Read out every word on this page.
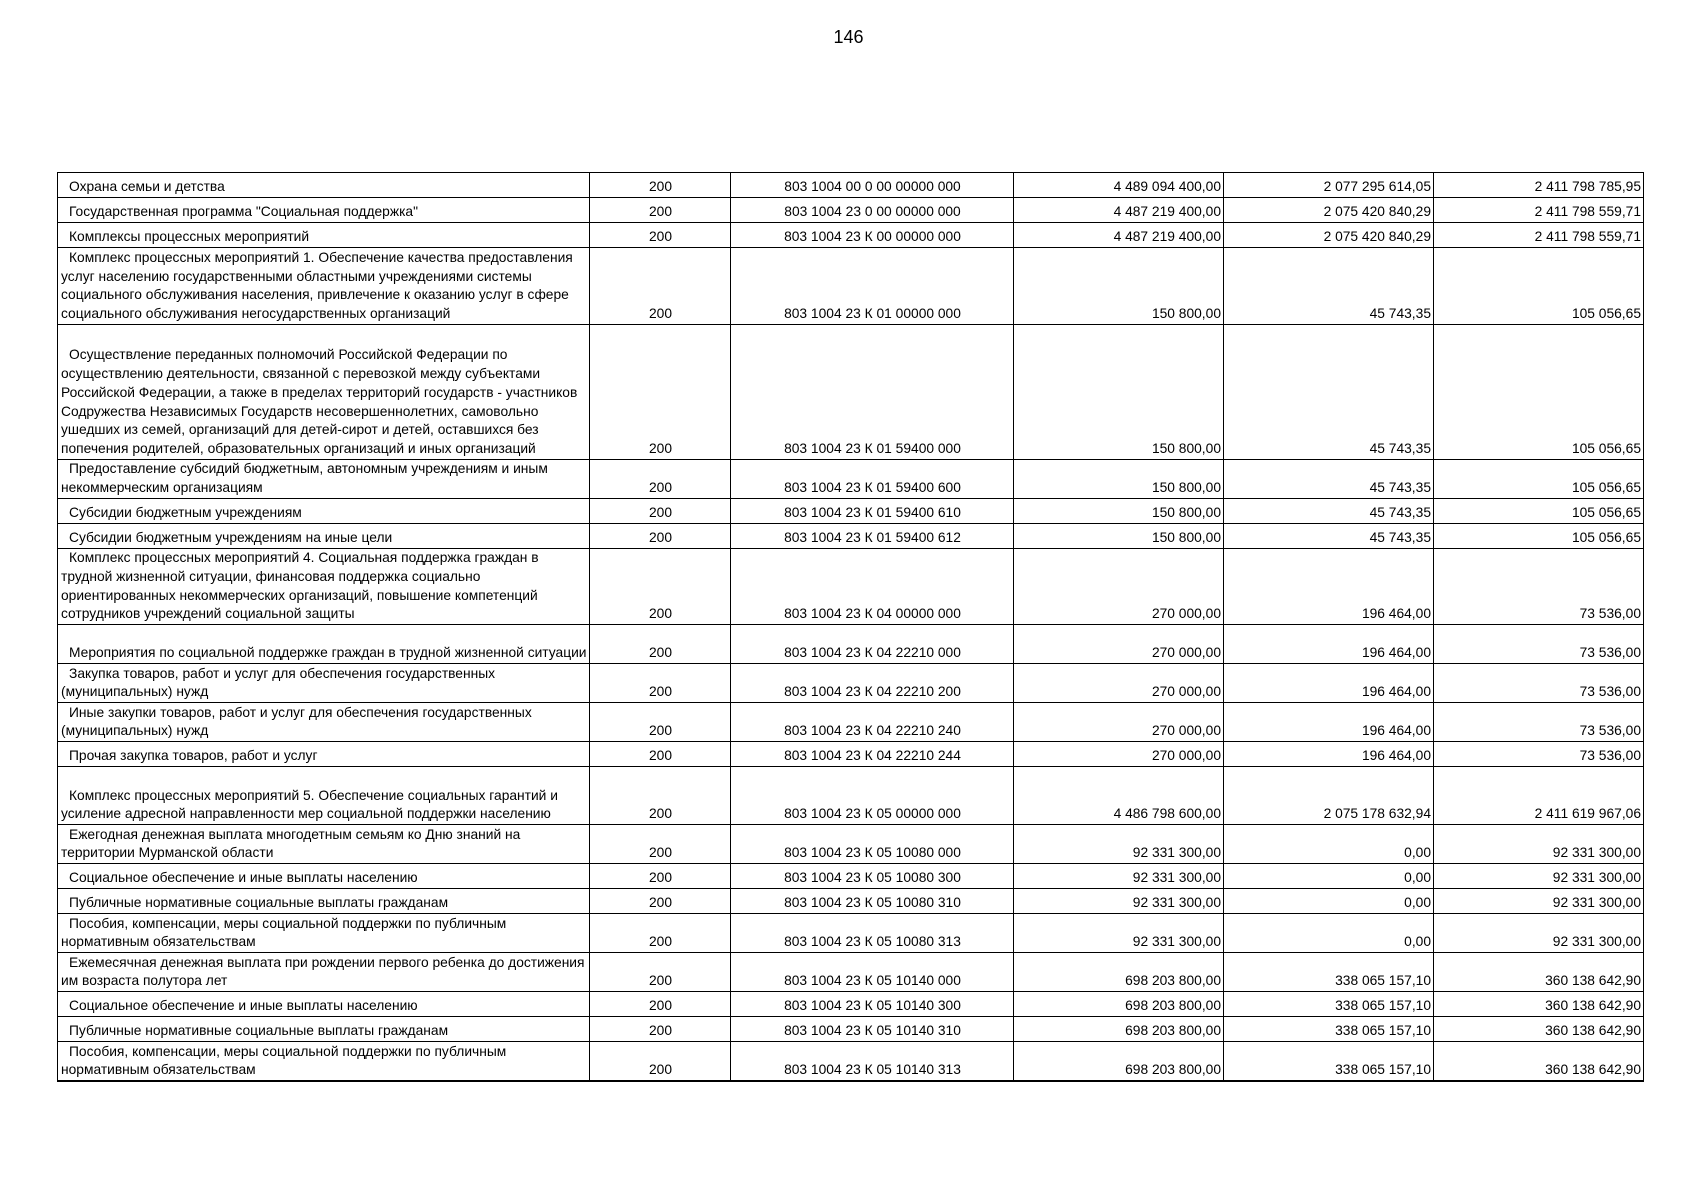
146
Охрана семьи и детства	200	803 1004 00 0 00 00000 000	4 489 094 400,00	2 077 295 614,05	2 411 798 785,95
Государственная программа "Социальная поддержка"	200	803 1004 23 0 00 00000 000	4 487 219 400,00	2 075 420 840,29	2 411 798 559,71
Комплексы процессных мероприятий	200	803 1004 23 К 00 00000 000	4 487 219 400,00	2 075 420 840,29	2 411 798 559,71
Комплекс процессных мероприятий 1. Обеспечение качества предоставления услуг населению государственными областными учреждениями системы социального обслуживания населения, привлечение к оказанию услуг в сфере социального обслуживания негосударственных организаций	200	803 1004 23 К 01 00000 000	150 800,00	45 743,35	105 056,65
Осуществление переданных полномочий Российской Федерации по осуществлению деятельности, связанной с перевозкой между субъектами Российской Федерации, а также в пределах территорий государств - участников Содружества Независимых Государств несовершеннолетних, самовольно ушедших из семей, организаций для детей-сирот и детей, оставшихся без попечения родителей, образовательных организаций и иных организаций	200	803 1004 23 К 01 59400 000	150 800,00	45 743,35	105 056,65
Предоставление субсидий бюджетным, автономным учреждениям и иным некоммерческим организациям	200	803 1004 23 К 01 59400 600	150 800,00	45 743,35	105 056,65
Субсидии бюджетным учреждениям	200	803 1004 23 К 01 59400 610	150 800,00	45 743,35	105 056,65
Субсидии бюджетным учреждениям на иные цели	200	803 1004 23 К 01 59400 612	150 800,00	45 743,35	105 056,65
Комплекс процессных мероприятий 4. Социальная поддержка граждан в трудной жизненной ситуации, финансовая поддержка социально ориентированных некоммерческих организаций, повышение компетенций сотрудников учреждений социальной защиты	200	803 1004 23 К 04 00000 000	270 000,00	196 464,00	73 536,00
Мероприятия по социальной поддержке граждан в трудной жизненной ситуации	200	803 1004 23 К 04 22210 000	270 000,00	196 464,00	73 536,00
Закупка товаров, работ и услуг для обеспечения государственных (муниципальных) нужд	200	803 1004 23 К 04 22210 200	270 000,00	196 464,00	73 536,00
Иные закупки товаров, работ и услуг для обеспечения государственных (муниципальных) нужд	200	803 1004 23 К 04 22210 240	270 000,00	196 464,00	73 536,00
Прочая закупка товаров, работ и услуг	200	803 1004 23 К 04 22210 244	270 000,00	196 464,00	73 536,00
Комплекс процессных мероприятий 5. Обеспечение социальных гарантий и усиление адресной направленности мер социальной поддержки населению	200	803 1004 23 К 05 00000 000	4 486 798 600,00	2 075 178 632,94	2 411 619 967,06
Ежегодная денежная выплата многодетным семьям ко Дню знаний на территории Мурманской области	200	803 1004 23 К 05 10080 000	92 331 300,00	0,00	92 331 300,00
Социальное обеспечение и иные выплаты населению	200	803 1004 23 К 05 10080 300	92 331 300,00	0,00	92 331 300,00
Публичные нормативные социальные выплаты гражданам	200	803 1004 23 К 05 10080 310	92 331 300,00	0,00	92 331 300,00
Пособия, компенсации, меры социальной поддержки по публичным нормативным обязательствам	200	803 1004 23 К 05 10080 313	92 331 300,00	0,00	92 331 300,00
Ежемесячная денежная выплата при рождении первого ребенка до достижения им возраста полутора лет	200	803 1004 23 К 05 10140 000	698 203 800,00	338 065 157,10	360 138 642,90
Социальное обеспечение и иные выплаты населению	200	803 1004 23 К 05 10140 300	698 203 800,00	338 065 157,10	360 138 642,90
Публичные нормативные социальные выплаты гражданам	200	803 1004 23 К 05 10140 310	698 203 800,00	338 065 157,10	360 138 642,90
Пособия, компенсации, меры социальной поддержки по публичным нормативным обязательствам	200	803 1004 23 К 05 10140 313	698 203 800,00	338 065 157,10	360 138 642,90
